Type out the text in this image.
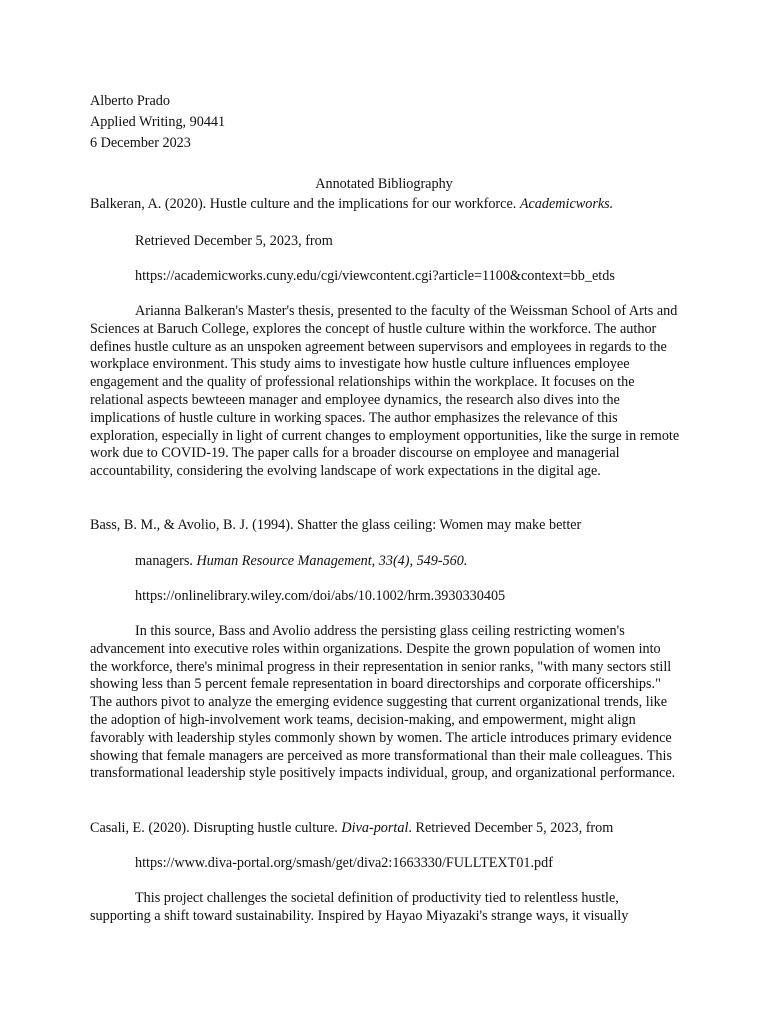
Alberto Prado
Applied Writing, 90441
6 December 2023
Annotated Bibliography
Balkeran, A. (2020). Hustle culture and the implications for our workforce. Academicworks.
Retrieved December 5, 2023, from
https://academicworks.cuny.edu/cgi/viewcontent.cgi?article=1100&context=bb_etds

Arianna Balkeran's Master's thesis, presented to the faculty of the Weissman School of Arts and Sciences at Baruch College, explores the concept of hustle culture within the workforce. The author defines hustle culture as an unspoken agreement between supervisors and employees in regards to the workplace environment. This study aims to investigate how hustle culture influences employee engagement and the quality of professional relationships within the workplace. It focuses on the relational aspects bewteeen manager and employee dynamics, the research also dives into the implications of hustle culture in working spaces. The author emphasizes the relevance of this exploration, especially in light of current changes to employment opportunities, like the surge in remote work due to COVID-19. The paper calls for a broader discourse on employee and managerial accountability, considering the evolving landscape of work expectations in the digital age.

Bass, B. M., & Avolio, B. J. (1994). Shatter the glass ceiling: Women may make better
managers. Human Resource Management, 33(4), 549-560.
https://onlinelibrary.wiley.com/doi/abs/10.1002/hrm.3930330405

In this source, Bass and Avolio address the persisting glass ceiling restricting women's advancement into executive roles within organizations. Despite the grown population of women into the workforce, there's minimal progress in their representation in senior ranks, "with many sectors still showing less than 5 percent female representation in board directorships and corporate officerships." The authors pivot to analyze the emerging evidence suggesting that current organizational trends, like the adoption of high-involvement work teams, decision-making, and empowerment, might align favorably with leadership styles commonly shown by women. The article introduces primary evidence showing that female managers are perceived as more transformational than their male colleagues. This transformational leadership style positively impacts individual, group, and organizational performance.

Casali, E. (2020). Disrupting hustle culture. Diva-portal. Retrieved December 5, 2023, from
https://www.diva-portal.org/smash/get/diva2:1663330/FULLTEXT01.pdf

This project challenges the societal definition of productivity tied to relentless hustle, supporting a shift toward sustainability. Inspired by Hayao Miyazaki's strange ways, it visually
